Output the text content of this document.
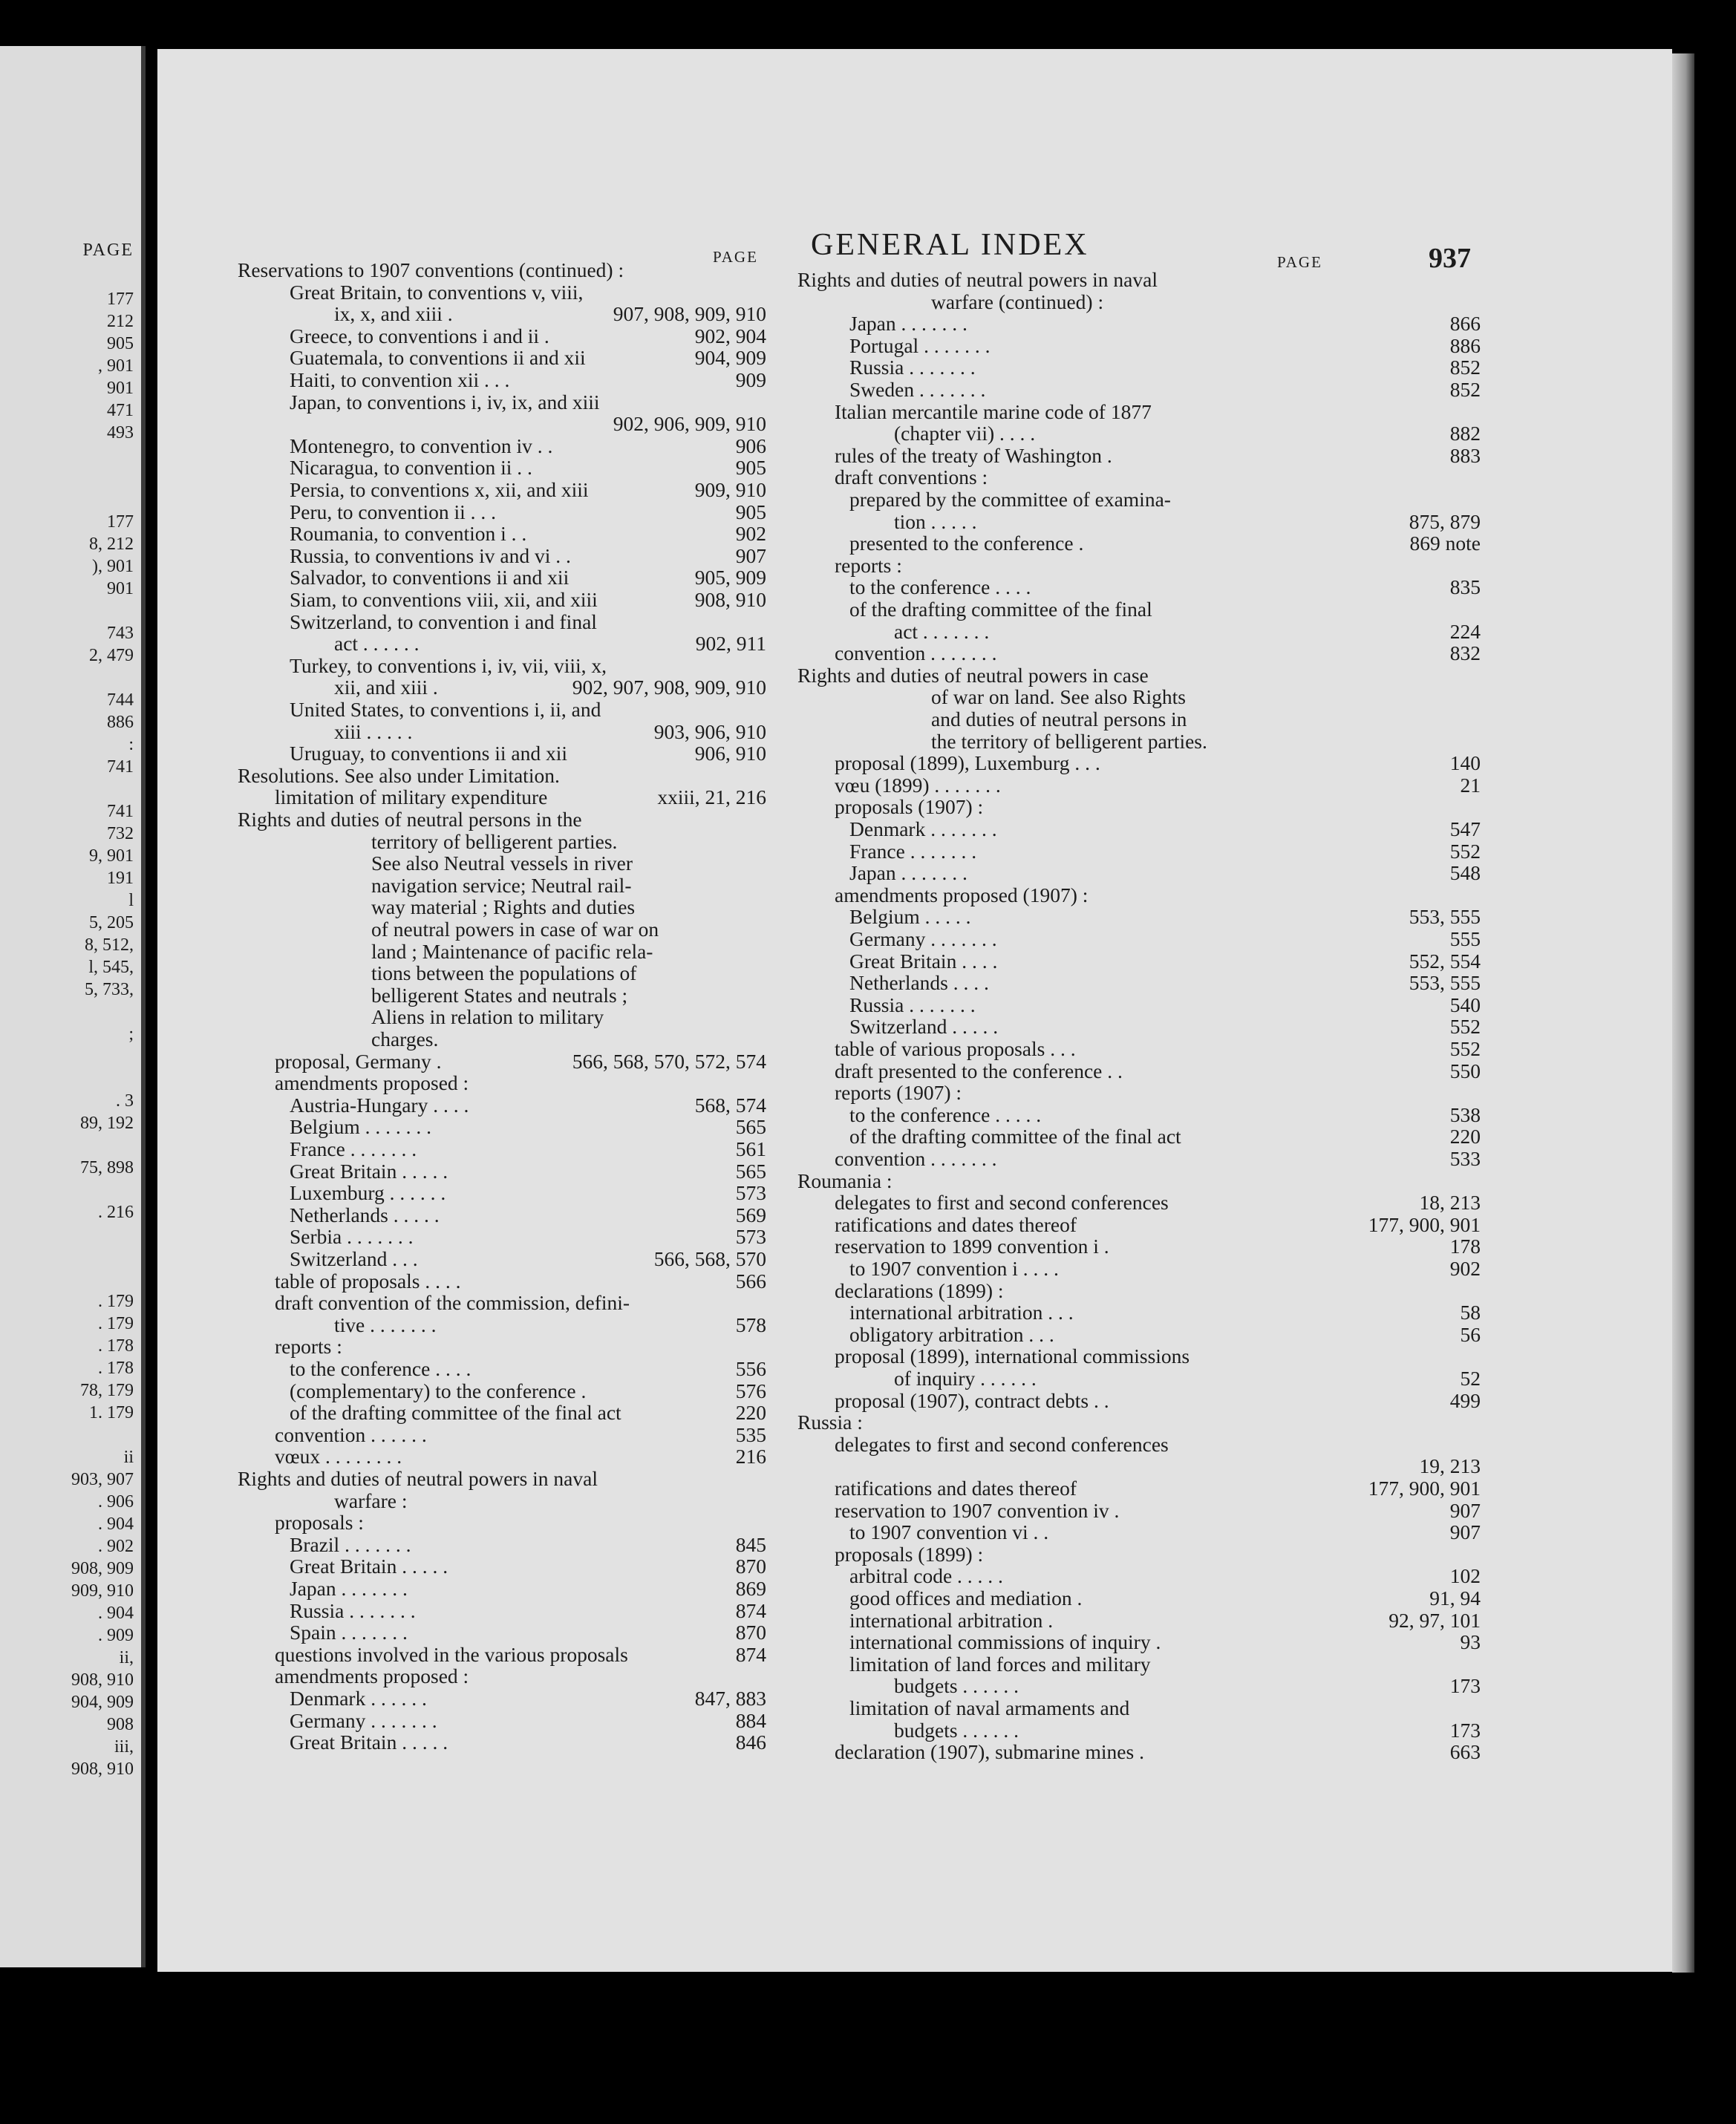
PAGE
177
212
905
, 901
901
471
493
177
8, 212
), 901
901
743
2, 479
744
886
:
741
741
732
9, 901
191
l
5, 205
8, 512,
l, 545,
5, 733,
;
. 3
89, 192
75, 898
. 216
. 179
. 179
. 178
. 178
78, 179
1. 179
ii
903, 907
. 906
. 904
. 902
908, 909
909, 910
. 904
. 909
ii,
908, 910
904, 909
908
iii,
908, 910
GENERAL INDEX	937
PAGE	PAGE
Reservations to 1907 conventions (continued) :
Great Britain, to conventions v, viii,
ix, x, and xiii .	907, 908, 909, 910
Greece, to conventions i and ii .	902, 904
Guatemala, to conventions ii and xii	904, 909
Haiti, to convention xii . . .	909
Japan, to conventions i, iv, ix, and xiii
902, 906, 909, 910
Montenegro, to convention iv . .	906
Nicaragua, to convention ii . .	905
Persia, to conventions x, xii, and xiii	909, 910
Peru, to convention ii . . .	905
Roumania, to convention i . .	902
Russia, to conventions iv and vi . .	907
Salvador, to conventions ii and xii	905, 909
Siam, to conventions viii, xii, and xiii	908, 910
Switzerland, to convention i and final
act . . . . . .	902, 911
Turkey, to conventions i, iv, vii, viii, x,
xii, and xiii .	902, 907, 908, 909, 910
United States, to conventions i, ii, and
xiii . . . . .	903, 906, 910
Uruguay, to conventions ii and xii	906, 910
Resolutions. See also under Limitation.
limitation of military expenditure	xxiii, 21, 216
Rights and duties of neutral persons in the
territory of belligerent parties.
See also Neutral vessels in river
navigation service; Neutral rail-
way material ; Rights and duties
of neutral powers in case of war on
land ; Maintenance of pacific rela-
tions between the populations of
belligerent States and neutrals ;
Aliens in relation to military
charges.
proposal, Germany .	566, 568, 570, 572, 574
amendments proposed :
Austria-Hungary . . . .	568, 574
Belgium . . . . . . .	565
France . . . . . . .	561
Great Britain . . . . .	565
Luxemburg . . . . . .	573
Netherlands . . . . .	569
Serbia . . . . . . .	573
Switzerland . . .	566, 568, 570
table of proposals . . . .	566
draft convention of the commission, defini-
tive . . . . . . .	578
reports :
to the conference . . . .	556
(complementary) to the conference .	576
of the drafting committee of the final act	220
convention . . . . . .	535
vœux . . . . . . . .	216
Rights and duties of neutral powers in naval
warfare :
proposals :
Brazil . . . . . . .	845
Great Britain . . . . .	870
Japan . . . . . . .	869
Russia . . . . . . .	874
Spain . . . . . . .	870
questions involved in the various proposals	874
amendments proposed :
Denmark . . . . . .	847, 883
Germany . . . . . . .	884
Great Britain . . . . .	846
Rights and duties of neutral powers in naval
warfare (continued) :
Japan . . . . . . .	866
Portugal . . . . . . .	886
Russia . . . . . . .	852
Sweden . . . . . . .	852
Italian mercantile marine code of 1877
(chapter vii) . . . .	882
rules of the treaty of Washington .	883
draft conventions :
prepared by the committee of examina-
tion . . . . .	875, 879
presented to the conference .	869 note
reports :
to the conference . . . .	835
of the drafting committee of the final
act . . . . . . .	224
convention . . . . . . .	832
Rights and duties of neutral powers in case
of war on land. See also Rights
and duties of neutral persons in
the territory of belligerent parties.
proposal (1899), Luxemburg . . .	140
vœu (1899) . . . . . . .	21
proposals (1907) :
Denmark . . . . . . .	547
France . . . . . . .	552
Japan . . . . . . .	548
amendments proposed (1907) :
Belgium . . . . .	553, 555
Germany . . . . . . .	555
Great Britain . . . .	552, 554
Netherlands . . . .	553, 555
Russia . . . . . . .	540
Switzerland . . . . .	552
table of various proposals . . .	552
draft presented to the conference . .	550
reports (1907) :
to the conference . . . . .	538
of the drafting committee of the final act	220
convention . . . . . . .	533
Roumania :
delegates to first and second conferences	18, 213
ratifications and dates thereof	177, 900, 901
reservation to 1899 convention i .	178
to 1907 convention i . . . .	902
declarations (1899) :
international arbitration . . .	58
obligatory arbitration . . .	56
proposal (1899), international commissions
of inquiry . . . . . .	52
proposal (1907), contract debts . .	499
Russia :
delegates to first and second conferences
19, 213
ratifications and dates thereof	177, 900, 901
reservation to 1907 convention iv .	907
to 1907 convention vi . .	907
proposals (1899) :
arbitral code . . . . .	102
good offices and mediation .	91, 94
international arbitration .	92, 97, 101
international commissions of inquiry .	93
limitation of land forces and military
budgets . . . . . .	173
limitation of naval armaments and
budgets . . . . . .	173
declaration (1907), submarine mines .	663
